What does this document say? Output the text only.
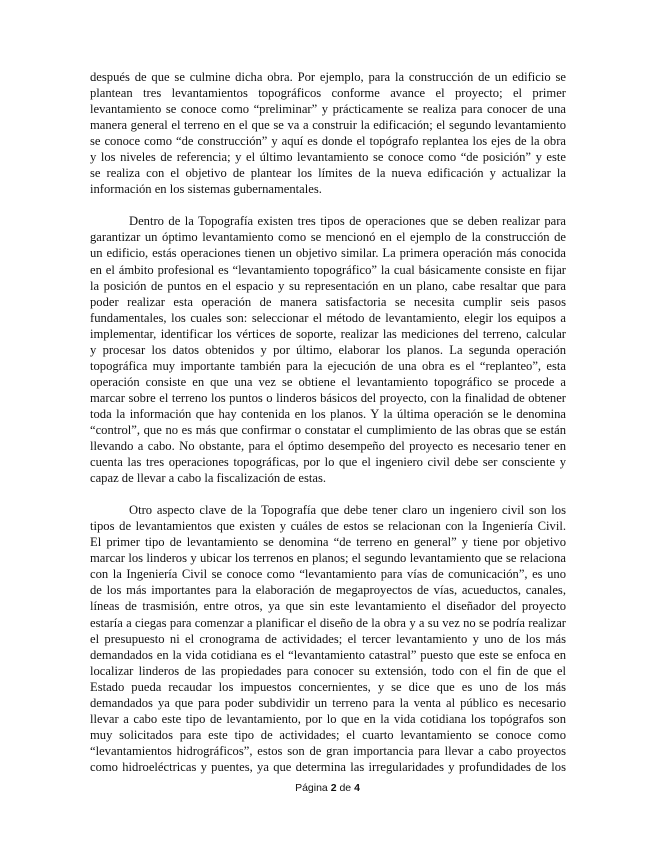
después de que se culmine dicha obra. Por ejemplo, para la construcción de un edificio se
plantean tres levantamientos topográficos conforme avance el proyecto; el primer
levantamiento se conoce como “preliminar” y prácticamente se realiza para conocer de una
manera general el terreno en el que se va a construir la edificación; el segundo levantamiento
se conoce como “de construcción” y aquí es donde el topógrafo replantea los ejes de la obra
y los niveles de referencia; y el último levantamiento se conoce como “de posición” y este
se realiza con el objetivo de plantear los límites de la nueva edificación y actualizar la
información en los sistemas gubernamentales.
Dentro de la Topografía existen tres tipos de operaciones que se deben realizar para
garantizar un óptimo levantamiento como se mencionó en el ejemplo de la construcción de
un edificio, estás operaciones tienen un objetivo similar. La primera operación más conocida
en el ámbito profesional es “levantamiento topográfico” la cual básicamente consiste en fijar
la posición de puntos en el espacio y su representación en un plano, cabe resaltar que para
poder realizar esta operación de manera satisfactoria se necesita cumplir seis pasos
fundamentales, los cuales son: seleccionar el método de levantamiento, elegir los equipos a
implementar, identificar los vértices de soporte, realizar las mediciones del terreno, calcular
y procesar los datos obtenidos y por último, elaborar los planos. La segunda operación
topográfica muy importante también para la ejecución de una obra es el “replanteo”, esta
operación consiste en que una vez se obtiene el levantamiento topográfico se procede a
marcar sobre el terreno los puntos o linderos básicos del proyecto, con la finalidad de obtener
toda la información que hay contenida en los planos. Y la última operación se le denomina
“control”, que no es más que confirmar o constatar el cumplimiento de las obras que se están
llevando a cabo. No obstante, para el óptimo desempeño del proyecto es necesario tener en
cuenta las tres operaciones topográficas, por lo que el ingeniero civil debe ser consciente y
capaz de llevar a cabo la fiscalización de estas.
Otro aspecto clave de la Topografía que debe tener claro un ingeniero civil son los
tipos de levantamientos que existen y cuáles de estos se relacionan con la Ingeniería Civil.
El primer tipo de levantamiento se denomina “de terreno en general” y tiene por objetivo
marcar los linderos y ubicar los terrenos en planos; el segundo levantamiento que se relaciona
con la Ingeniería Civil se conoce como “levantamiento para vías de comunicación”, es uno
de los más importantes para la elaboración de megaproyectos de vías, acueductos, canales,
líneas de trasmisión, entre otros, ya que sin este levantamiento el diseñador del proyecto
estaría a ciegas para comenzar a planificar el diseño de la obra y a su vez no se podría realizar
el presupuesto ni el cronograma de actividades; el tercer levantamiento y uno de los más
demandados en la vida cotidiana es el “levantamiento catastral” puesto que este se enfoca en
localizar linderos de las propiedades para conocer su extensión, todo con el fin de que el
Estado pueda recaudar los impuestos concernientes, y se dice que es uno de los más
demandados ya que para poder subdividir un terreno para la venta al público es necesario
llevar a cabo este tipo de levantamiento, por lo que en la vida cotidiana los topógrafos son
muy solicitados para este tipo de actividades; el cuarto levantamiento se conoce como
“levantamientos hidrográficos”, estos son de gran importancia para llevar a cabo proyectos
como hidroeléctricas y puentes, ya que determina las irregularidades y profundidades de los
Página 2 de 4
